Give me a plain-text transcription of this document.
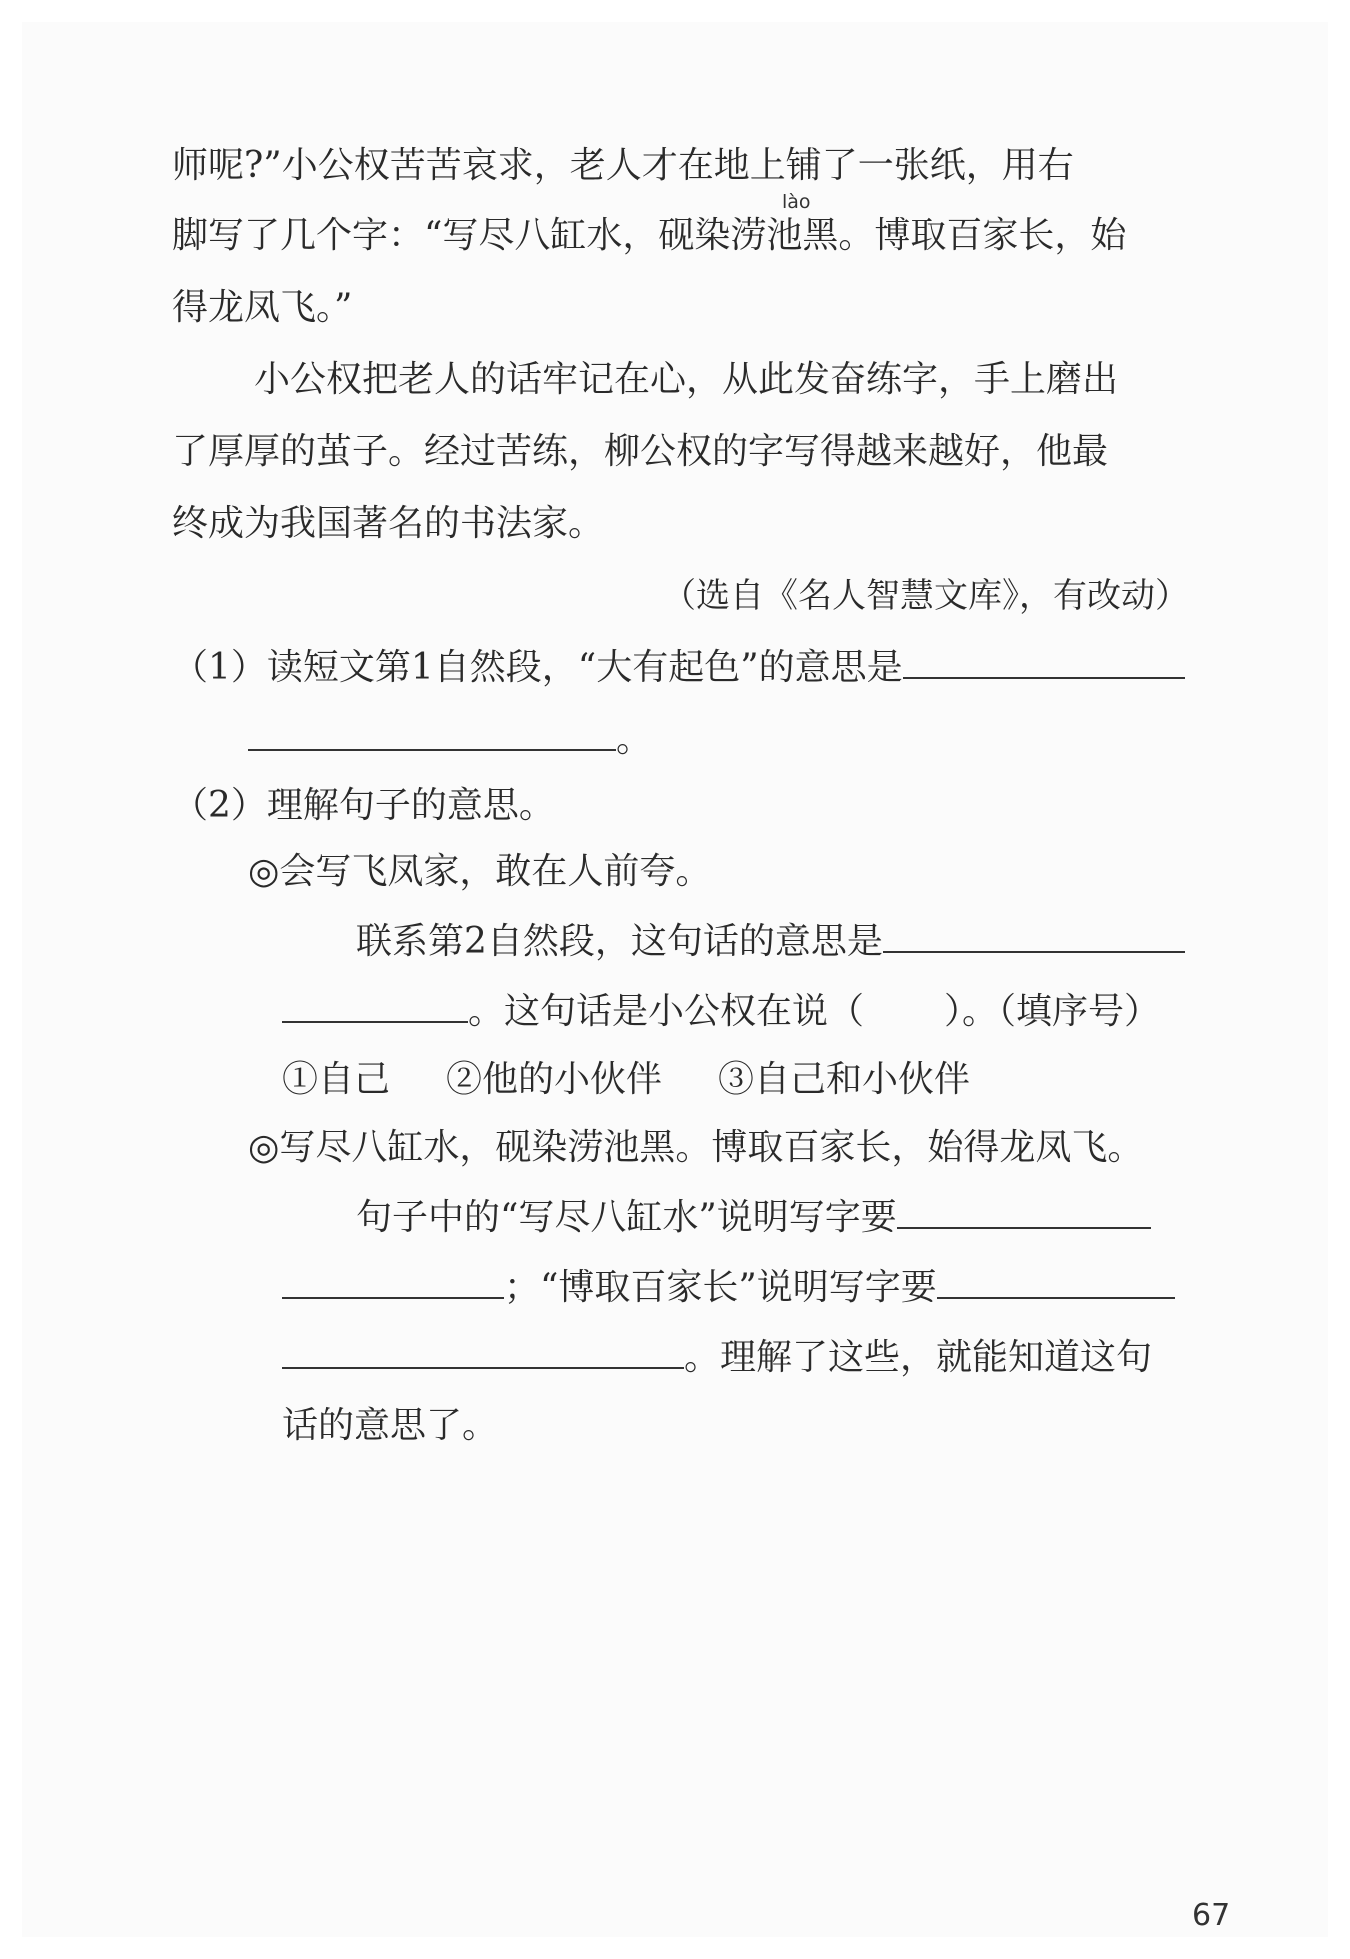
师呢?”小公权苦苦哀求，老人才在地上铺了一张纸，用右
lào
脚写了几个字：“写尽八缸水，砚染涝池黑。博取百家长，始
得龙凤飞。”
小公权把老人的话牢记在心，从此发奋练字，手上磨出
了厚厚的茧子。经过苦练，柳公权的字写得越来越好，他最
终成为我国著名的书法家。
（选自《名人智慧文库》，有改动）
（1）读短文第1自然段，“大有起色”的意思是
。
（2）理解句子的意思。
◎会写飞凤家，敢在人前夸。
联系第2自然段，这句话的意思是
。这句话是小公权在说（ ）。（填序号）
①自己 ②他的小伙伴 ③自己和小伙伴
◎写尽八缸水，砚染涝池黑。博取百家长，始得龙凤飞。
句子中的“写尽八缸水”说明写字要
；“博取百家长”说明写字要
。理解了这些，就能知道这句
话的意思了。
67
